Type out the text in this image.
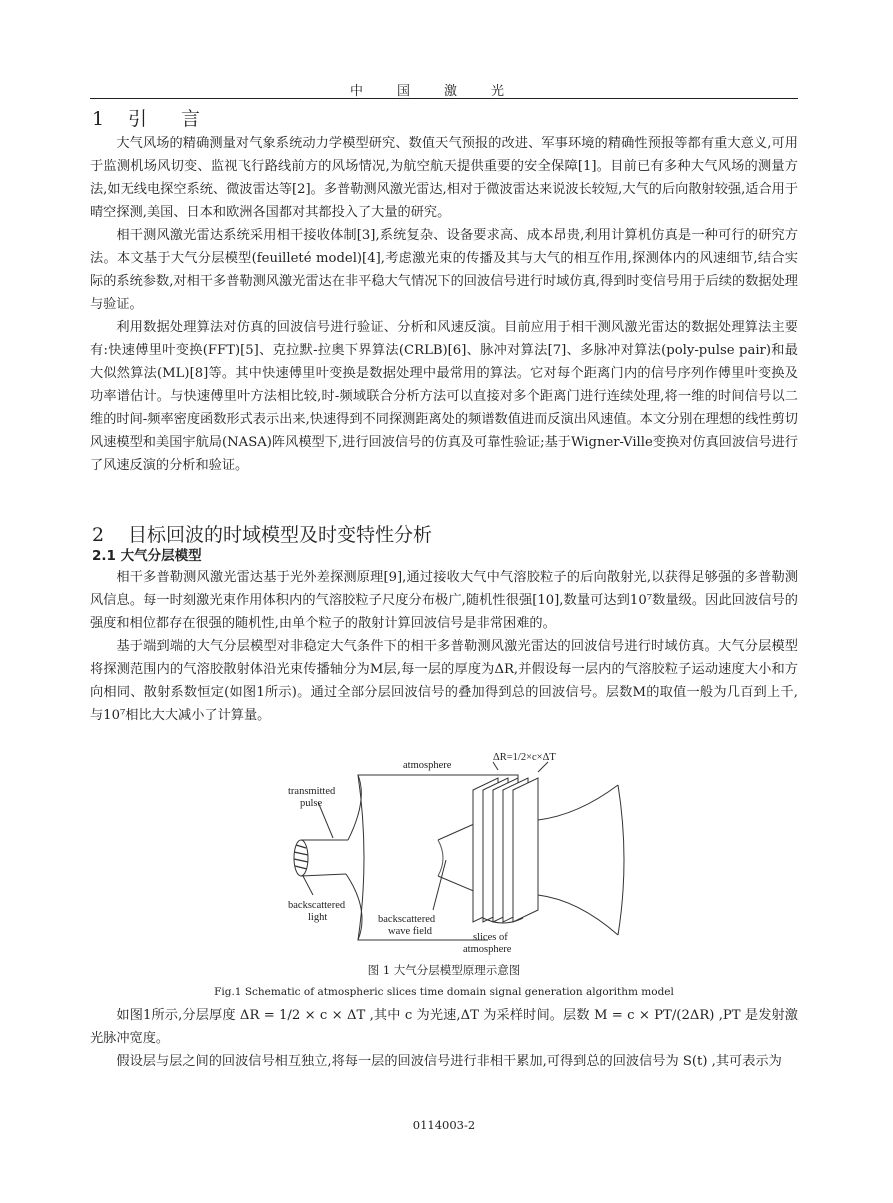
中国激光
1 引言

大气风场的精确测量对气象系统动力学模型研究、数值天气预报的改进、军事环境的精确性预报等都有重大意义,可用于监测机场风切变、监视飞行路线前方的风场情况,为航空航天提供重要的安全保障[1]。目前已有多种大气风场的测量方法,如无线电探空系统、微波雷达等[2]。多普勒测风激光雷达,相对于微波雷达来说波长较短,大气的后向散射较强,适合用于晴空探测,美国、日本和欧洲各国都对其都投入了大量的研究。

相干测风激光雷达系统采用相干接收体制[3],系统复杂、设备要求高、成本昂贵,利用计算机仿真是一种可行的研究方法。本文基于大气分层模型(feuilleté model)[4],考虑激光束的传播及其与大气的相互作用,探测体内的风速细节,结合实际的系统参数,对相干多普勒测风激光雷达在非平稳大气情况下的回波信号进行时域仿真,得到时变信号用于后续的数据处理与验证。

利用数据处理算法对仿真的回波信号进行验证、分析和风速反演。目前应用于相干测风激光雷达的数据处理算法主要有:快速傅里叶变换(FFT)[5]、克拉默-拉奥下界算法(CRLB)[6]、脉冲对算法[7]、多脉冲对算法(poly-pulse pair)和最大似然算法(ML)[8]等。其中快速傅里叶变换是数据处理中最常用的算法。它对每个距离门内的信号序列作傅里叶变换及功率谱估计。与快速傅里叶方法相比较,时-频域联合分析方法可以直接对多个距离门进行连续处理,将一维的时间信号以二维的时间-频率密度函数形式表示出来,快速得到不同探测距离处的频谱数值进而反演出风速值。本文分别在理想的线性剪切风速模型和美国宇航局(NASA)阵风模型下,进行回波信号的仿真及可靠性验证;基于Wigner-Ville变换对仿真回波信号进行了风速反演的分析和验证。

2 目标回波的时域模型及时变特性分析
2.1 大气分层模型

相干多普勒测风激光雷达基于光外差探测原理[9],通过接收大气中气溶胶粒子的后向散射光,以获得足够强的多普勒测风信息。每一时刻激光束作用体积内的气溶胶粒子尺度分布极广,随机性很强[10],数量可达到10⁷数量级。因此回波信号的强度和相位都存在很强的随机性,由单个粒子的散射计算回波信号是非常困难的。

基于端到端的大气分层模型对非稳定大气条件下的相干多普勒测风激光雷达的回波信号进行时域仿真。大气分层模型将探测范围内的气溶胶散射体沿光束传播轴分为M层,每一层的厚度为ΔR,并假设每一层内的气溶胶粒子运动速度大小和方向相同、散射系数恒定(如图1所示)。通过全部分层回波信号的叠加得到总的回波信号。层数M的取值一般为几百到上千,与10⁷相比大大减小了计算量。

atmosphere
ΔR=1/2×c×ΔT
transmitted
pulse
backscattered
light	backscattered
wave field
slices of
atmosphere

图 1 大气分层模型原理示意图

Fig.1 Schematic of atmospheric slices time domain signal generation algorithm model

如图1所示,分层厚度 ΔR = 1/2 × c × ΔT ,其中 c 为光速,ΔT 为采样时间。层数 M = c × PT/(2ΔR) ,PT 是发射激光脉冲宽度。

假设层与层之间的回波信号相互独立,将每一层的回波信号进行非相干累加,可得到总的回波信号为 S(t) ,其可表示为

0114003-2
